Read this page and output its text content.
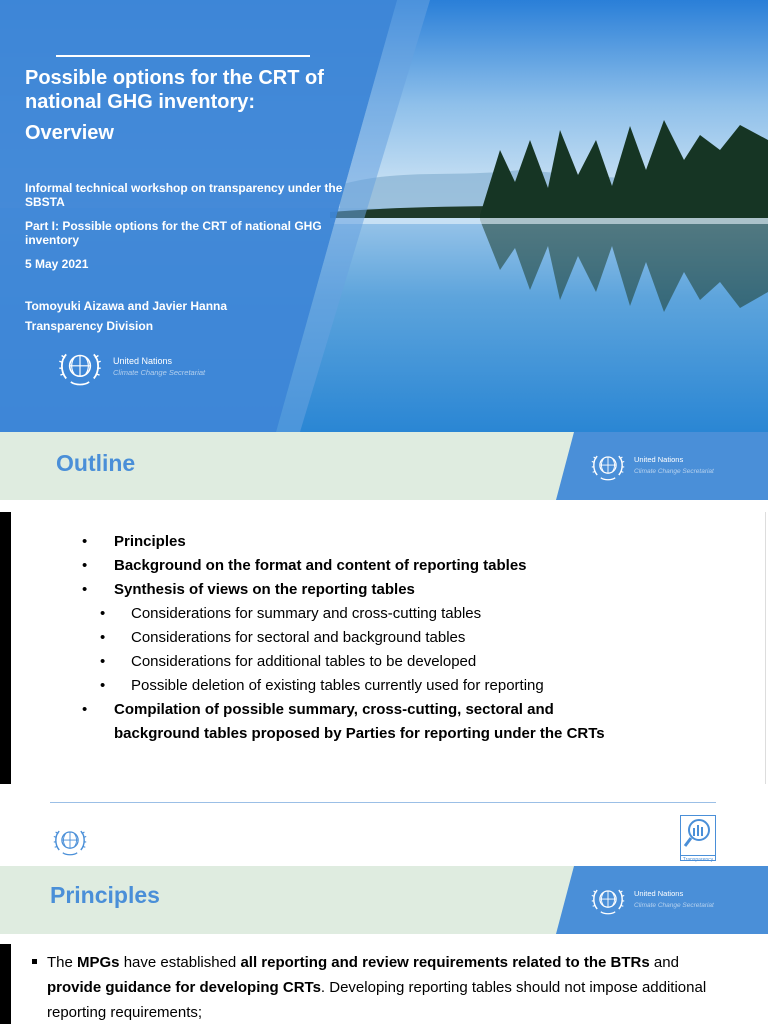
Possible options for the CRT of national GHG inventory:
Overview

Informal technical workshop on transparency under the SBSTA

Part I: Possible options for the CRT of national GHG inventory

5 May 2021

Tomoyuki Aizawa and Javier Hanna

Transparency Division

United Nations
Climate Change Secretariat
Outline	United Nations
Climate Change Secretariat
• Principles
• Background on the format and content of reporting tables
• Synthesis of views on the reporting tables
• Considerations for summary and cross-cutting tables
• Considerations for sectoral and background tables
• Considerations for additional tables to be developed
• Possible deletion of existing tables currently used for reporting
• Compilation of possible summary, cross-cutting, sectoral and
background tables proposed by Parties for reporting under the CRTs
Transparency
Principles	United Nations
Climate Change Secretariat

The MPGs have established all reporting and review requirements related to the BTRs and provide guidance for developing CRTs. Developing reporting tables should not impose additional reporting requirements;
